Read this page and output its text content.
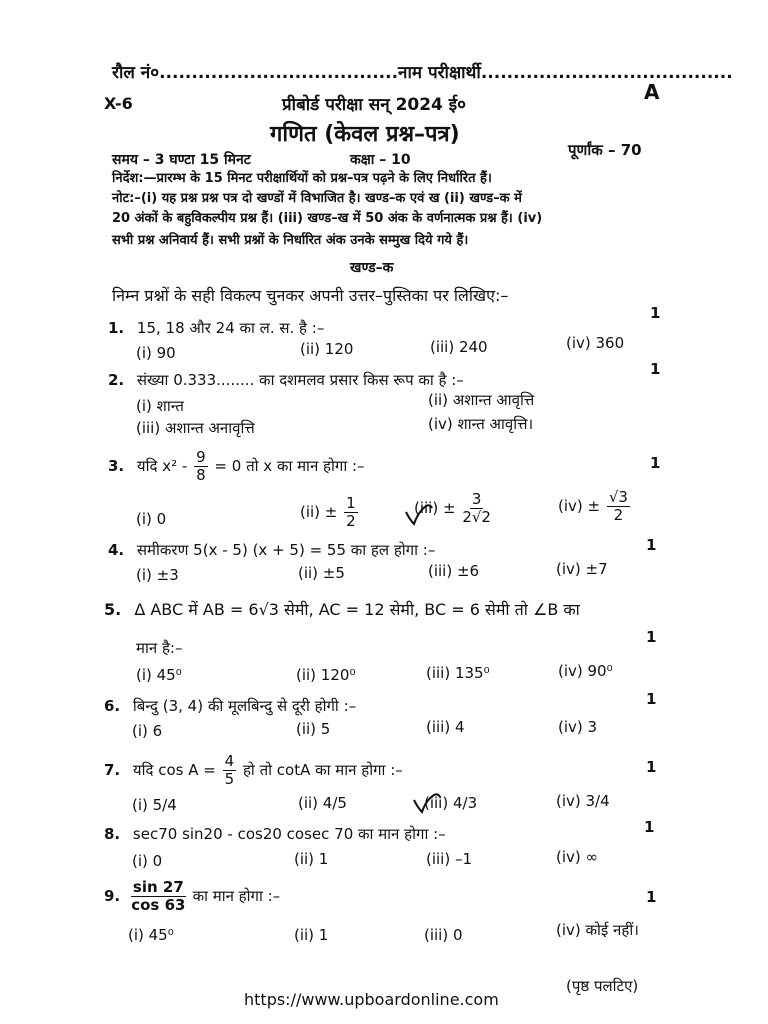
रौल नं०.....................................नाम परीक्षार्थी.......................................
X-6	प्रीबोर्ड परीक्षा सन् 2024 ई०
A
गणित (केवल प्रश्न–पत्र)
समय – 3 घण्टा 15 मिनट	कक्षा – 10
पूर्णांक – 70
निर्देश:—प्रारम्भ के 15 मिनट परीक्षार्थियों को प्रश्न–पत्र पढ़ने के लिए निर्धारित हैं।
नोट:–(i) यह प्रश्न प्रश्न पत्र दो खण्डों में विभाजित है। खण्ड–क एवं ख (ii) खण्ड–क में
20 अंकों के बहुविकल्पीय प्रश्न हैं। (iii) खण्ड–ख में 50 अंक के वर्णनात्मक प्रश्न हैं। (iv)
सभी प्रश्न अनिवार्य हैं। सभी प्रश्नों के निर्धारित अंक उनके सम्मुख दिये गये हैं।
खण्ड–क
निम्न प्रश्नों के सही विकल्प चुनकर अपनी उत्तर–पुस्तिका पर लिखिए:–
1
1. 15, 18 और 24 का ल. स. है :–
(i) 90	(ii) 120	(iii) 240	(iv) 360
1
2. संख्या 0.333........ का दशमलव प्रसार किस रूप का है :–
(i) शान्त	(ii) अशान्त आवृत्ति
(iii) अशान्त अनावृत्ति	(iv) शान्त आवृत्ति।
1
3. यदि $x^2 - \frac{9}{8} = 0$ तो x का मान होगा :–
(i) 0	$(ii) \pm \frac{1}{2}$	$(iii) \pm \frac{3}{2√2}$	$(iv) \pm \frac{√3}{2}$
1
4. समीकरण 5(x - 5) (x + 5) = 55 का हल होगा :–
(i) ±3	(ii) ±5	(iii) ±6	(iv) ±7
5. Δ ABC में AB = 6√3 सेमी, AC = 12 सेमी, BC = 6 सेमी तो ∠B का
मान है:–
1
(i) 45⁰	(ii) 120⁰	(iii) 135⁰	(iv) 90⁰
1
6. बिन्दु (3, 4) की मूलबिन्दु से दूरी होगी :–
(i) 6	(ii) 5	(iii) 4	(iv) 3
1
7. यदि $\cos A = \frac{4}{5}$ हो तो cotA का मान होगा :–
(i) 5/4	(ii) 4/5	(iii) 4/3	(iv) 3/4
1
8. sec70 sin20 - cos20 cosec 70 का मान होगा :–
(i) 0	(ii) 1	(iii) –1	(iv) ∞
1
9. $\frac{\sin 27}{\cos 63}$ का मान होगा :–
(i) 45⁰	(ii) 1	(iii) 0	(iv) कोई नहीं।
(पृष्ठ पलटिए)
https://www.upboardonline.com
